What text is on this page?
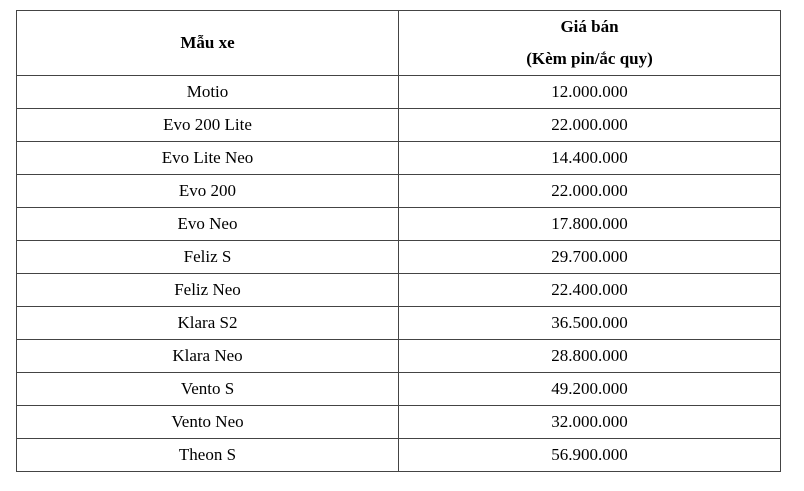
Mẫu xe	Giá bán
(Kèm pin/ắc quy)

Motio	12.000.000
Evo 200 Lite	22.000.000
Evo Lite Neo	14.400.000
Evo 200	22.000.000
Evo Neo	17.800.000
Feliz S	29.700.000
Feliz Neo	22.400.000
Klara S2	36.500.000
Klara Neo	28.800.000
Vento S	49.200.000
Vento Neo	32.000.000
Theon S	56.900.000
